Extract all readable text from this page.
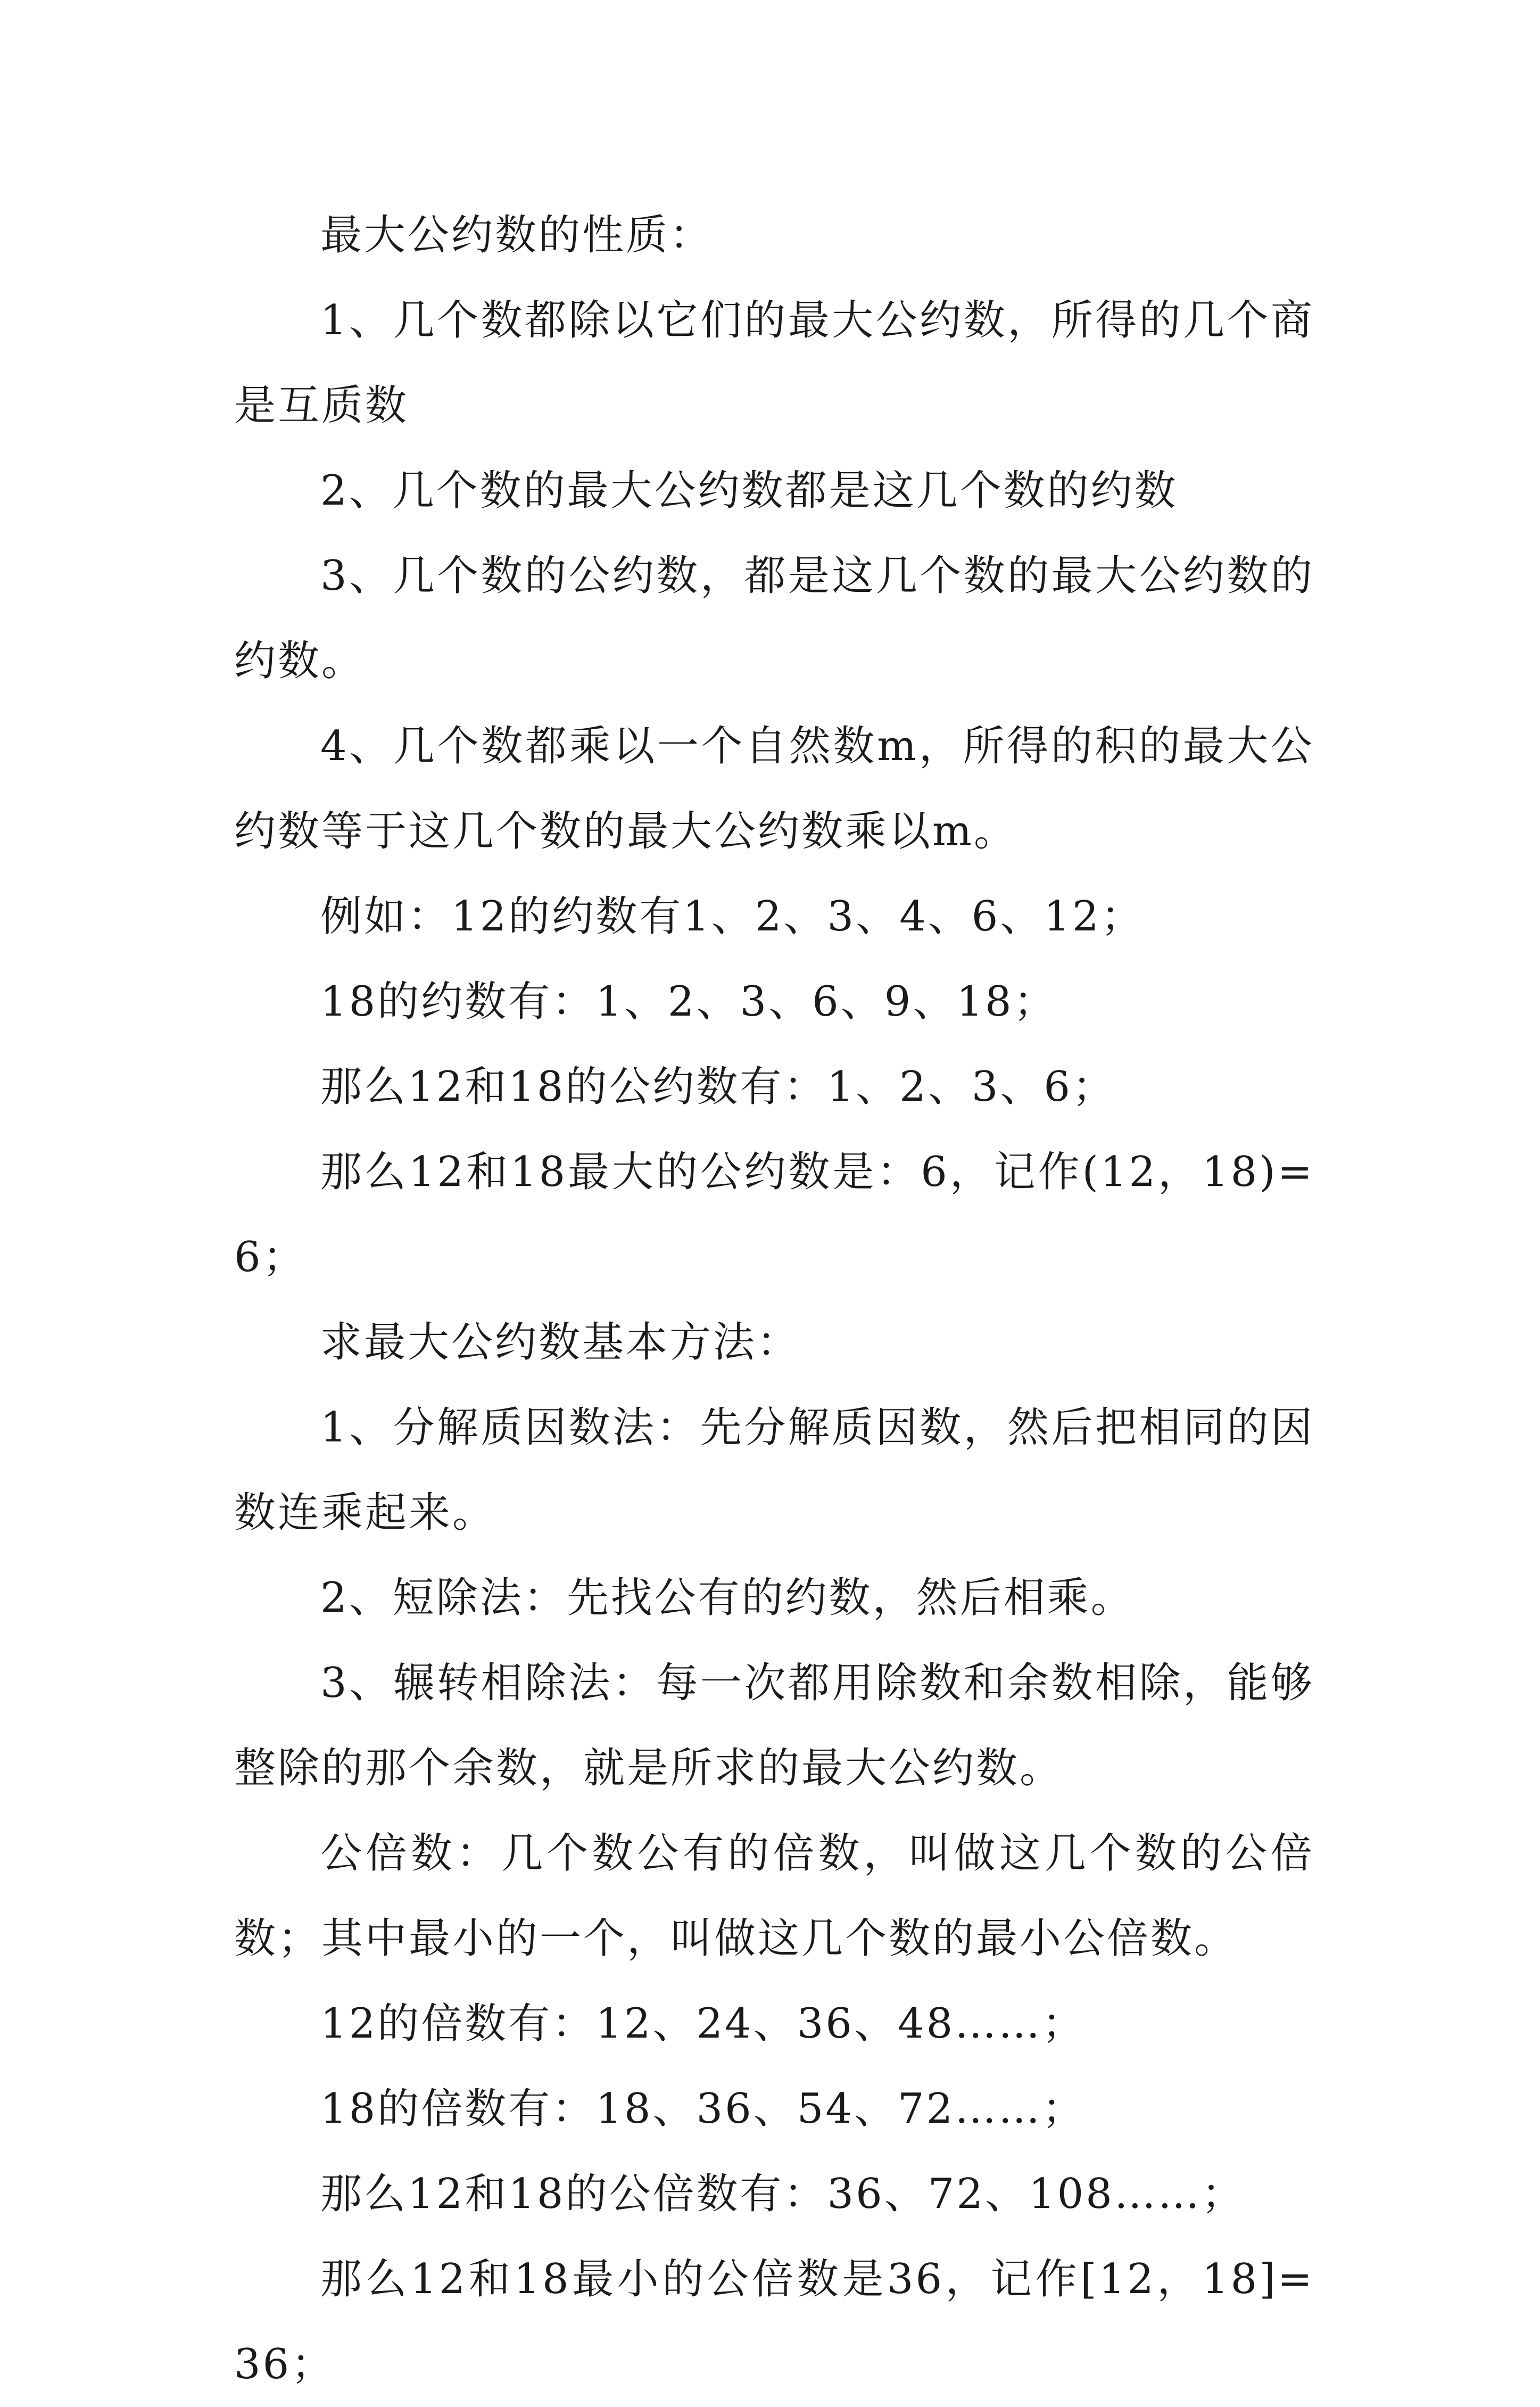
最大公约数的性质：

1、几个数都除以它们的最大公约数，所得的几个商是互质数

2、几个数的最大公约数都是这几个数的约数

3、几个数的公约数，都是这几个数的最大公约数的约数。

4、几个数都乘以一个自然数m，所得的积的最大公约数等于这几个数的最大公约数乘以m。

例如：12的约数有1、2、3、4、6、12；

18的约数有：1、2、3、6、9、18；

那么12和18的公约数有：1、2、3、6；

那么12和18最大的公约数是：6，记作(12，18)=6；

求最大公约数基本方法：

1、分解质因数法：先分解质因数，然后把相同的因数连乘起来。

2、短除法：先找公有的约数，然后相乘。

3、辗转相除法：每一次都用除数和余数相除，能够整除的那个余数，就是所求的最大公约数。

公倍数：几个数公有的倍数，叫做这几个数的公倍数；其中最小的一个，叫做这几个数的最小公倍数。

12的倍数有：12、24、36、48……；

18的倍数有：18、36、54、72……；

那么12和18的公倍数有：36、72、108……；

那么12和18最小的公倍数是36，记作[12，18]=36；
